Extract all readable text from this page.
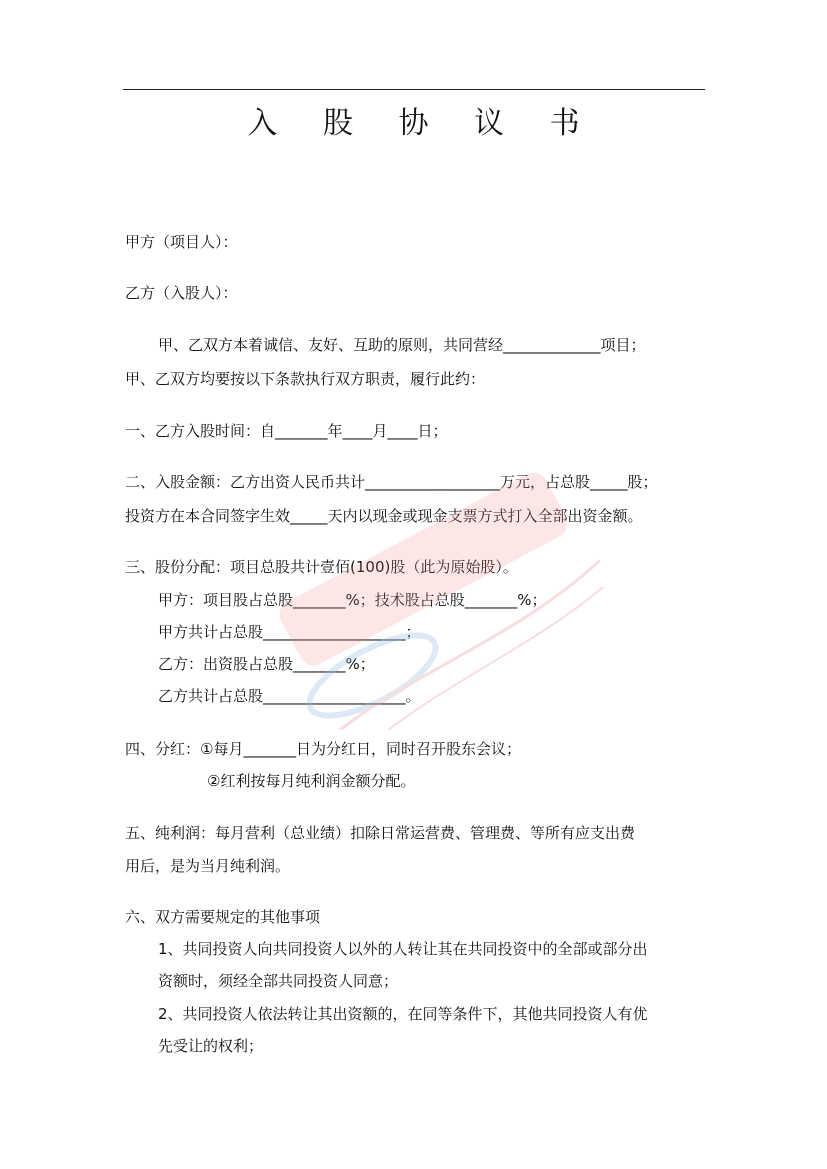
入 股 协 议 书
甲方（项目人）：
乙方（入股人）：
甲、乙双方本着诚信、友好、互助的原则，共同营经_____________项目；
甲、乙双方均要按以下条款执行双方职责，履行此约：
一、乙方入股时间：自_______年____月____日；
二、入股金额：乙方出资人民币共计__________________万元，占总股_____股；
投资方在本合同签字生效_____天内以现金或现金支票方式打入全部出资金额。
三、股份分配：项目总股共计壹佰(100)股（此为原始股）。
甲方：项目股占总股_______%；技术股占总股_______%；
甲方共计占总股___________________；
乙方：出资股占总股_______%；
乙方共计占总股___________________。
四、分红：①每月_______日为分红日，同时召开股东会议；
②红利按每月纯利润金额分配。
五、纯利润：每月营利（总业绩）扣除日常运营费、管理费、等所有应支出费
用后，是为当月纯利润。
六、双方需要规定的其他事项
1、共同投资人向共同投资人以外的人转让其在共同投资中的全部或部分出
资额时，须经全部共同投资人同意；
2、共同投资人依法转让其出资额的，在同等条件下，其他共同投资人有优
先受让的权利；
